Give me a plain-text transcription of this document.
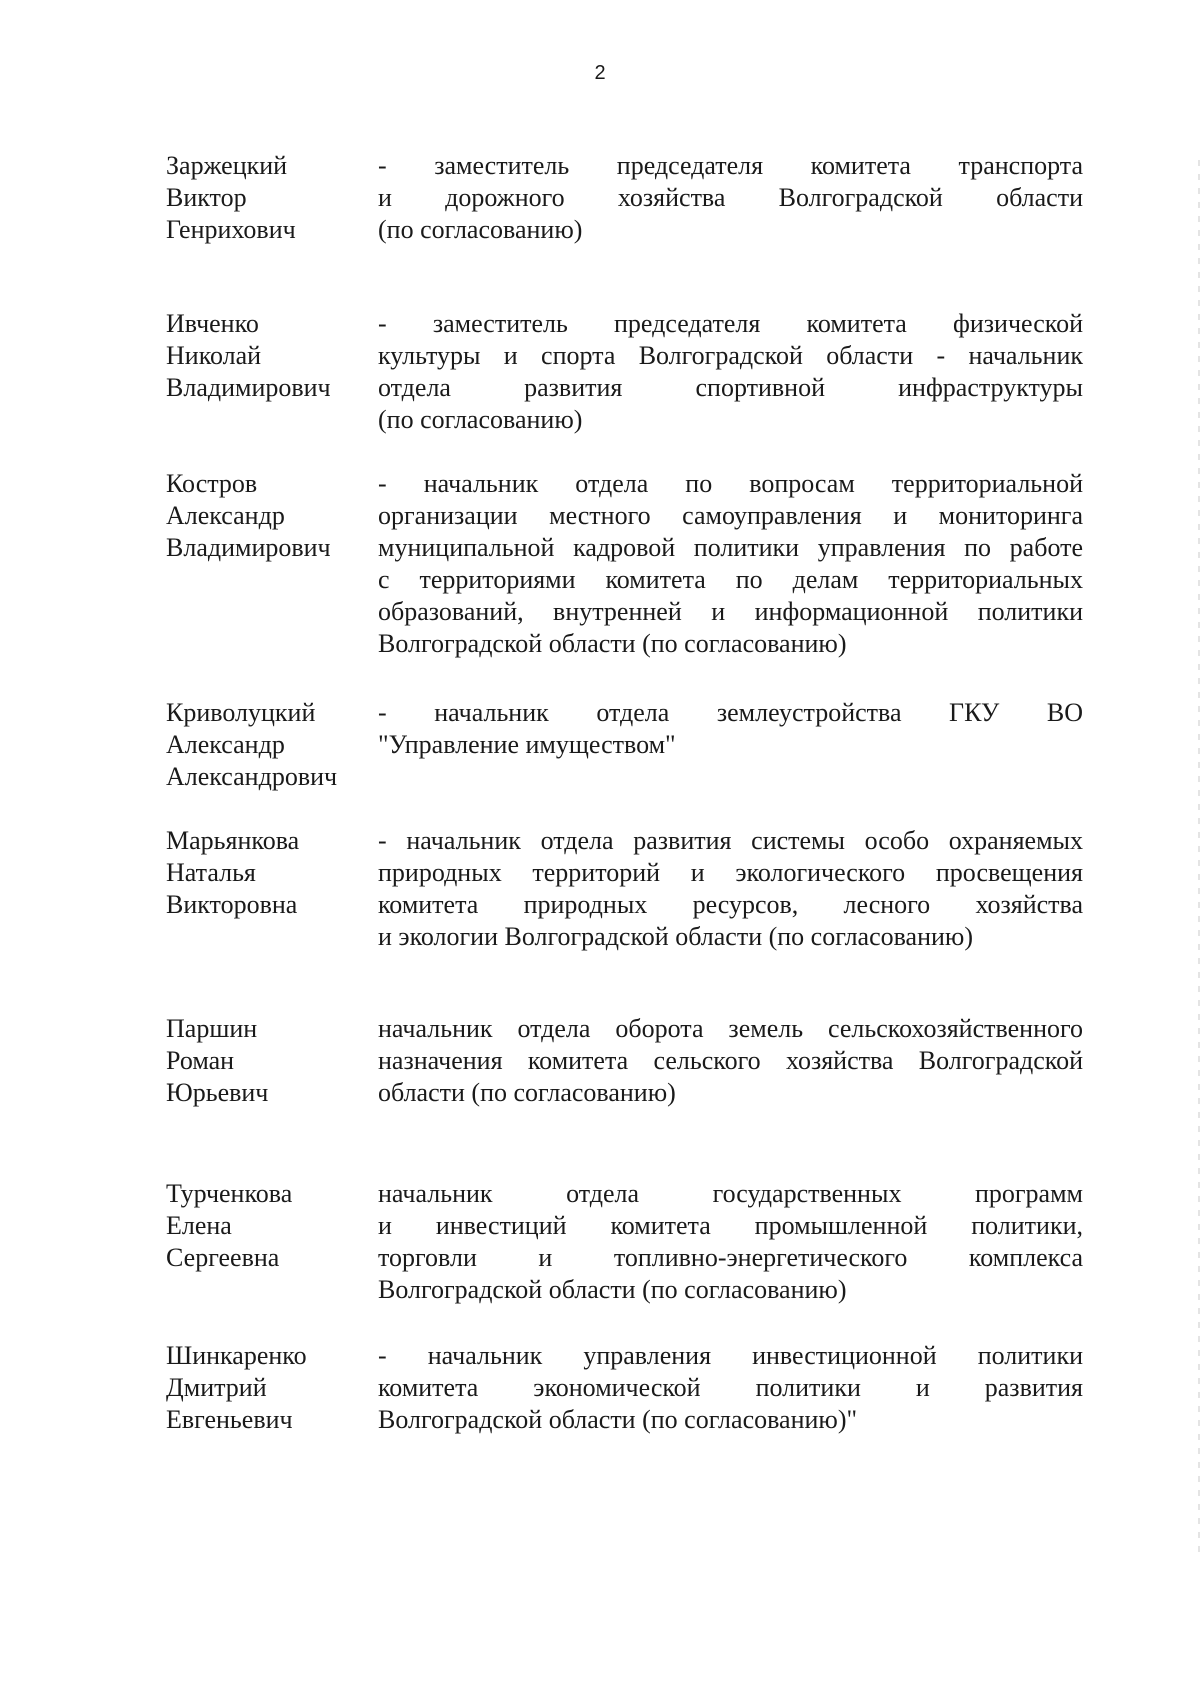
2
Заржецкий
Виктор
Генрихович
- заместитель председателя комитета транспорта
и дорожного хозяйства Волгоградской области
(по согласованию)
Ивченко
Николай
Владимирович
- заместитель председателя комитета физической
культуры и спорта Волгоградской области - начальник
отдела развития спортивной инфраструктуры
(по согласованию)
Костров
Александр
Владимирович
- начальник отдела по вопросам территориальной
организации местного самоуправления и мониторинга
муниципальной кадровой политики управления по работе
с территориями комитета по делам территориальных
образований, внутренней и информационной политики
Волгоградской области (по согласованию)
Криволуцкий
Александр
Александрович
- начальник отдела землеустройства ГКУ ВО
"Управление имуществом"
Марьянкова
Наталья
Викторовна
- начальник отдела развития системы особо охраняемых
природных территорий и экологического просвещения
комитета природных ресурсов, лесного хозяйства
и экологии Волгоградской области (по согласованию)
Паршин
Роман
Юрьевич
начальник отдела оборота земель сельскохозяйственного
назначения комитета сельского хозяйства Волгоградской
области (по согласованию)
Турченкова
Елена
Сергеевна
начальник отдела государственных программ
и инвестиций комитета промышленной политики,
торговли и топливно-энергетического комплекса
Волгоградской области (по согласованию)
Шинкаренко
Дмитрий
Евгеньевич
- начальник управления инвестиционной политики
комитета экономической политики и развития
Волгоградской области (по согласованию)"
